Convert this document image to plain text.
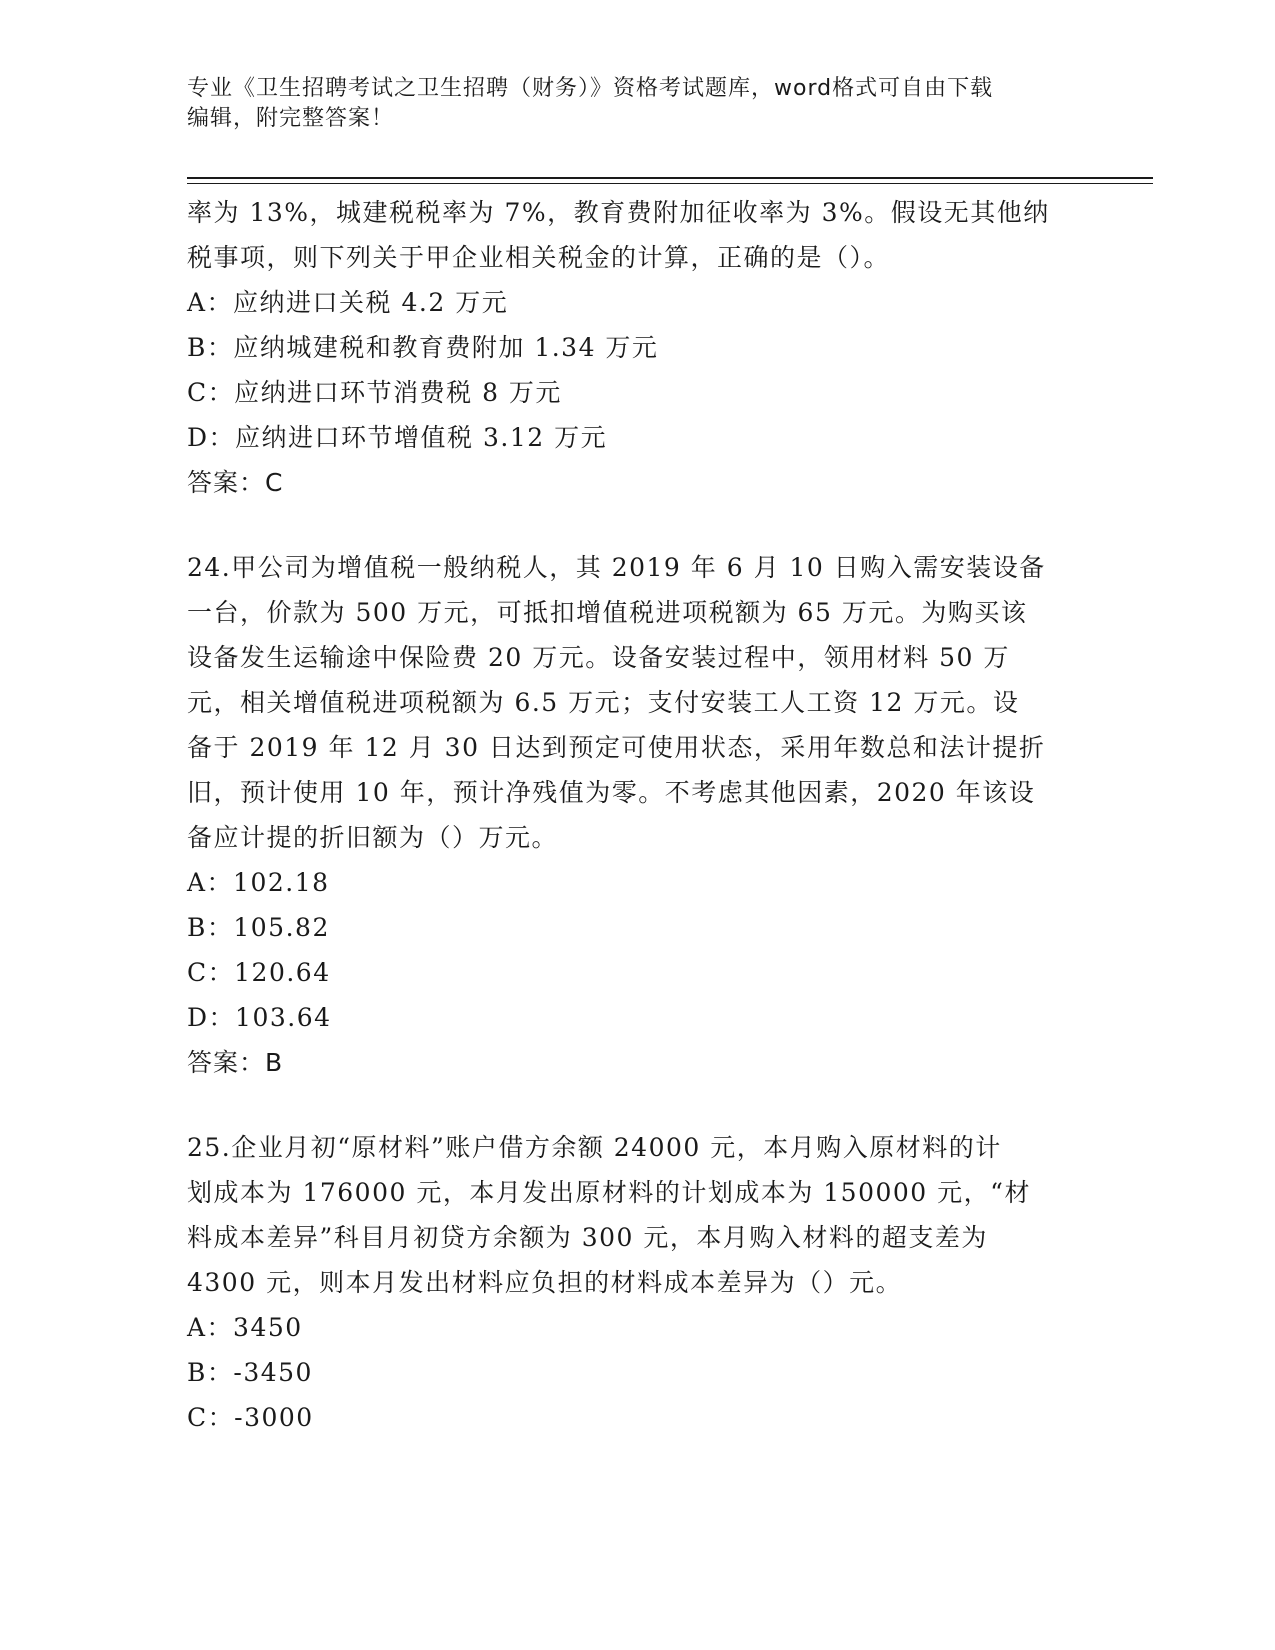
专业《卫生招聘考试之卫生招聘（财务）》资格考试题库，word格式可自由下载
编辑，附完整答案！

率为 13%，城建税税率为 7%，教育费附加征收率为 3%。假设无其他纳

税事项，则下列关于甲企业相关税金的计算，正确的是（）。

A：应纳进口关税 4.2 万元

B：应纳城建税和教育费附加 1.34 万元

C：应纳进口环节消费税 8 万元

D：应纳进口环节增值税 3.12 万元

答案：C

24.甲公司为增值税一般纳税人，其 2019 年 6 月 10 日购入需安装设备

一台，价款为 500 万元，可抵扣增值税进项税额为 65 万元。为购买该

设备发生运输途中保险费 20 万元。设备安装过程中，领用材料 50 万

元，相关增值税进项税额为 6.5 万元；支付安装工人工资 12 万元。设

备于 2019 年 12 月 30 日达到预定可使用状态，采用年数总和法计提折

旧，预计使用 10 年，预计净残值为零。不考虑其他因素，2020 年该设

备应计提的折旧额为（）万元。

A：102.18

B：105.82

C：120.64

D：103.64

答案：B

25.企业月初“原材料”账户借方余额 24000 元，本月购入原材料的计

划成本为 176000 元，本月发出原材料的计划成本为 150000 元，“材

料成本差异”科目月初贷方余额为 300 元，本月购入材料的超支差为

4300 元，则本月发出材料应负担的材料成本差异为（）元。

A：3450

B：-3450

C：-3000
